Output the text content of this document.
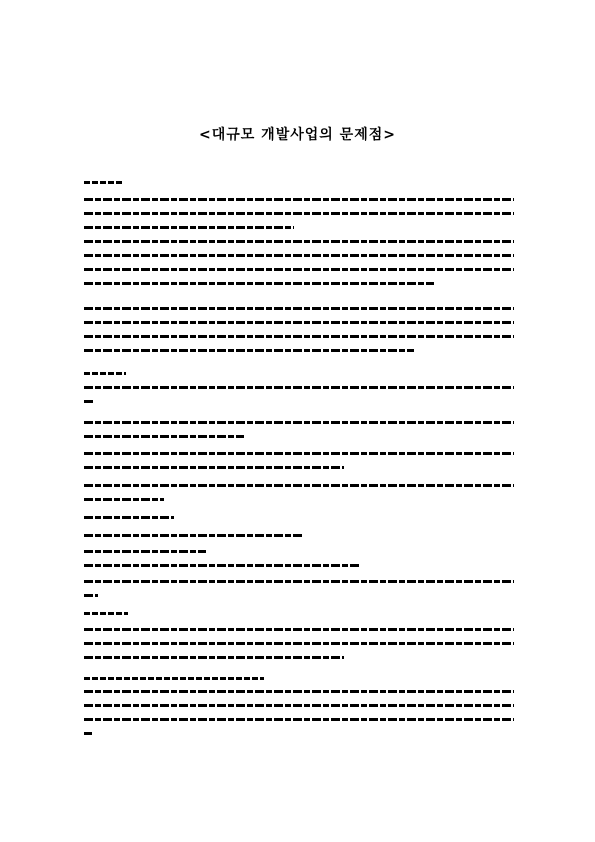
<대규모 개발사업의 문제점>
